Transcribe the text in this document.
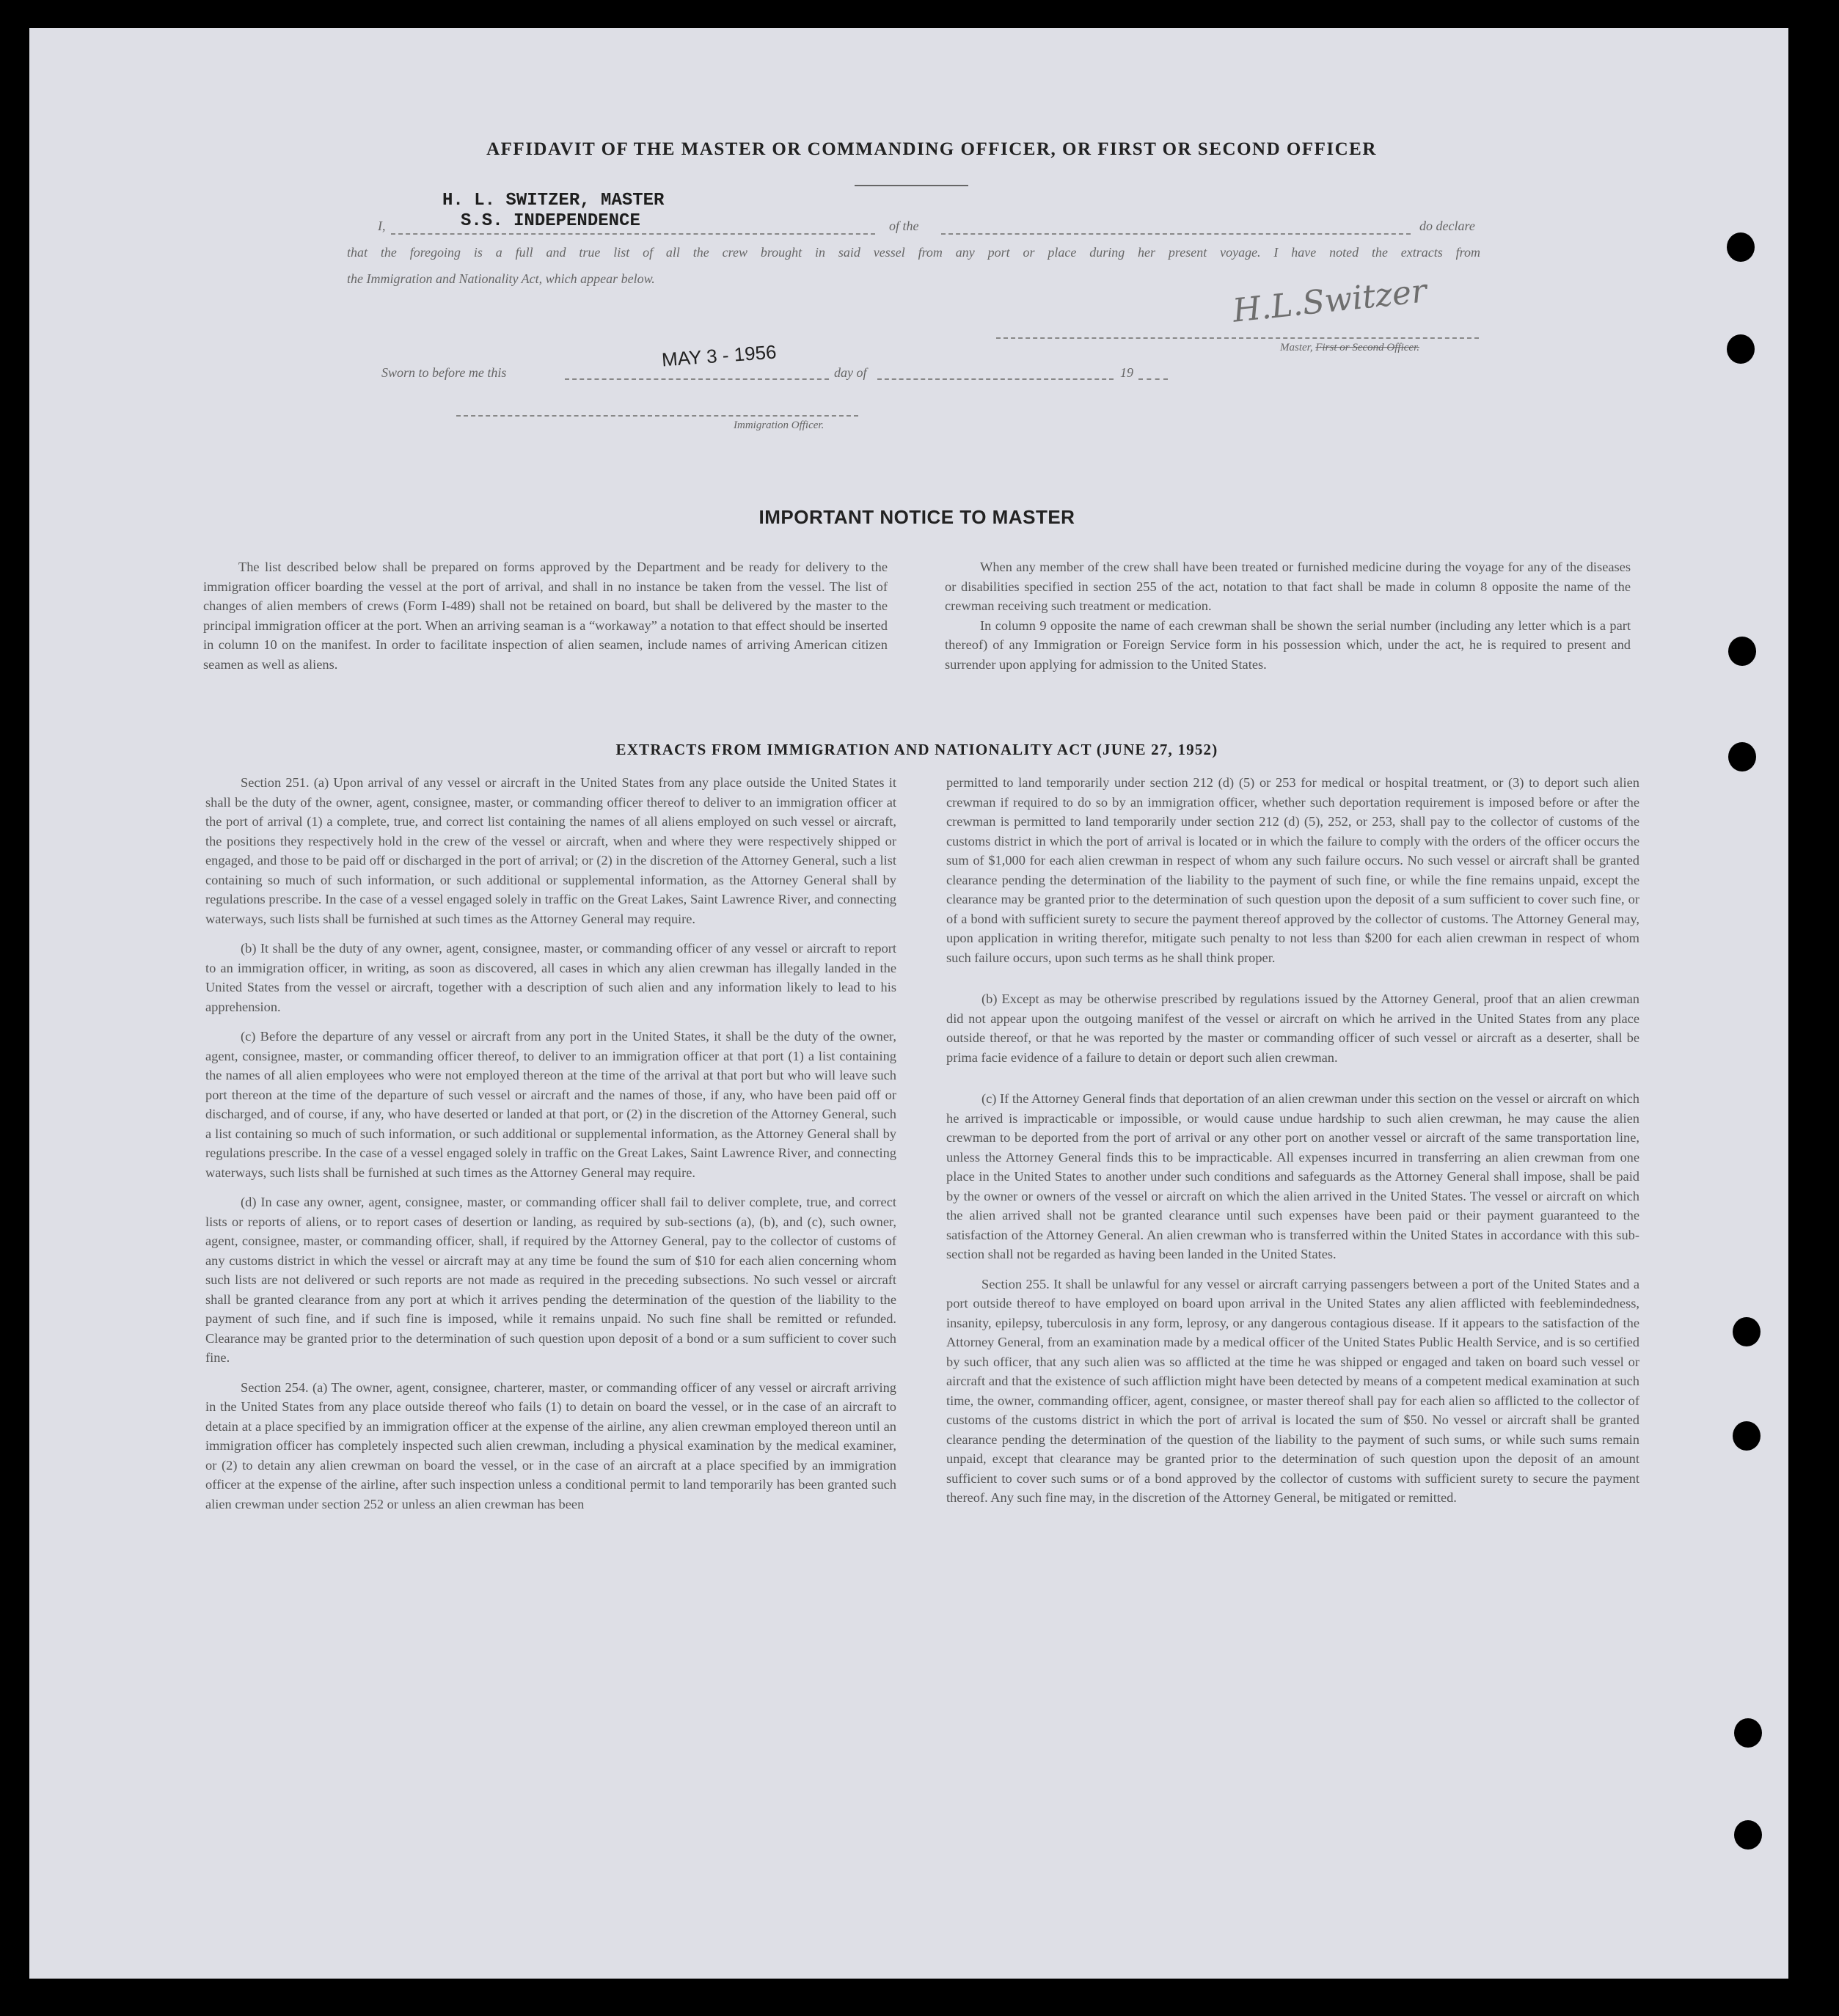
AFFIDAVIT OF THE MASTER OR COMMANDING OFFICER, OR FIRST OR SECOND OFFICER
H. L. SWITZER, MASTER
I,	S.S. INDEPENDENCE	of the	do declare
that the foregoing is a full and true list of all the crew brought in said vessel from any port or place during her present voyage. I have noted the extracts from
the Immigration and Nationality Act, which appear below.	H.L.Switzer
Master, First or Second Officer.
Sworn to before me this
MAY 3 - 1956
day of	19
Immigration Officer.
IMPORTANT NOTICE TO MASTER

The list described below shall be prepared on forms approved by the Department and be ready for delivery to the immigration officer boarding the vessel at the port of arrival, and shall in no instance be taken from the vessel. The list of changes of alien members of crews (Form I-489) shall not be retained on board, but shall be delivered by the master to the principal immigration officer at the port. When an arriving seaman is a “workaway” a notation to that effect should be inserted in column 10 on the manifest. In order to facilitate inspection of alien seamen, include names of arriving American citizen seamen as well as aliens.

When any member of the crew shall have been treated or furnished medicine during the voyage for any of the diseases or disabilities specified in section 255 of the act, notation to that fact shall be made in column 8 opposite the name of the crewman receiving such treatment or medication.

In column 9 opposite the name of each crewman shall be shown the serial number (including any letter which is a part thereof) of any Immigration or Foreign Service form in his possession which, under the act, he is required to present and surrender upon applying for admission to the United States.

EXTRACTS FROM IMMIGRATION AND NATIONALITY ACT (JUNE 27, 1952)

Section 251. (a) Upon arrival of any vessel or aircraft in the United States from any place outside the United States it shall be the duty of the owner, agent, consignee, master, or commanding officer thereof to deliver to an immigration officer at the port of arrival (1) a complete, true, and correct list containing the names of all aliens employed on such vessel or aircraft, the positions they respectively hold in the crew of the vessel or aircraft, when and where they were respectively shipped or engaged, and those to be paid off or discharged in the port of arrival; or (2) in the discretion of the Attorney General, such a list containing so much of such information, or such additional or supplemental information, as the Attorney General shall by regulations prescribe. In the case of a vessel engaged solely in traffic on the Great Lakes, Saint Lawrence River, and connecting waterways, such lists shall be furnished at such times as the Attorney General may require.

(b) It shall be the duty of any owner, agent, consignee, master, or commanding officer of any vessel or aircraft to report to an immigration officer, in writing, as soon as discovered, all cases in which any alien crewman has illegally landed in the United States from the vessel or aircraft, together with a description of such alien and any information likely to lead to his apprehension.

(c) Before the departure of any vessel or aircraft from any port in the United States, it shall be the duty of the owner, agent, consignee, master, or commanding officer thereof, to deliver to an immigration officer at that port (1) a list containing the names of all alien employees who were not employed thereon at the time of the arrival at that port but who will leave such port thereon at the time of the departure of such vessel or aircraft and the names of those, if any, who have been paid off or discharged, and of course, if any, who have deserted or landed at that port, or (2) in the discretion of the Attorney General, such a list containing so much of such information, or such additional or supplemental information, as the Attorney General shall by regulations prescribe. In the case of a vessel engaged solely in traffic on the Great Lakes, Saint Lawrence River, and connecting waterways, such lists shall be furnished at such times as the Attorney General may require.

(d) In case any owner, agent, consignee, master, or commanding officer shall fail to deliver complete, true, and correct lists or reports of aliens, or to report cases of desertion or landing, as required by sub-sections (a), (b), and (c), such owner, agent, consignee, master, or commanding officer, shall, if required by the Attorney General, pay to the collector of customs of any customs district in which the vessel or aircraft may at any time be found the sum of $10 for each alien concerning whom such lists are not delivered or such reports are not made as required in the preceding subsections. No such vessel or aircraft shall be granted clearance from any port at which it arrives pending the determination of the question of the liability to the payment of such fine, and if such fine is imposed, while it remains unpaid. No such fine shall be remitted or refunded. Clearance may be granted prior to the determination of such question upon deposit of a bond or a sum sufficient to cover such fine.

Section 254. (a) The owner, agent, consignee, charterer, master, or commanding officer of any vessel or aircraft arriving in the United States from any place outside thereof who fails (1) to detain on board the vessel, or in the case of an aircraft to detain at a place specified by an immigration officer at the expense of the airline, any alien crewman employed thereon until an immigration officer has completely inspected such alien crewman, including a physical examination by the medical examiner, or (2) to detain any alien crewman on board the vessel, or in the case of an aircraft at a place specified by an immigration officer at the expense of the airline, after such inspection unless a conditional permit to land temporarily has been granted such alien crewman under section 252 or unless an alien crewman has been

permitted to land temporarily under section 212 (d) (5) or 253 for medical or hospital treatment, or (3) to deport such alien crewman if required to do so by an immigration officer, whether such deportation requirement is imposed before or after the crewman is permitted to land temporarily under section 212 (d) (5), 252, or 253, shall pay to the collector of customs of the customs district in which the port of arrival is located or in which the failure to comply with the orders of the officer occurs the sum of $1,000 for each alien crewman in respect of whom any such failure occurs. No such vessel or aircraft shall be granted clearance pending the determination of the liability to the payment of such fine, or while the fine remains unpaid, except the clearance may be granted prior to the determination of such question upon the deposit of a sum sufficient to cover such fine, or of a bond with sufficient surety to secure the payment thereof approved by the collector of customs. The Attorney General may, upon application in writing therefor, mitigate such penalty to not less than $200 for each alien crewman in respect of whom such failure occurs, upon such terms as he shall think proper.

(b) Except as may be otherwise prescribed by regulations issued by the Attorney General, proof that an alien crewman did not appear upon the outgoing manifest of the vessel or aircraft on which he arrived in the United States from any place outside thereof, or that he was reported by the master or commanding officer of such vessel or aircraft as a deserter, shall be prima facie evidence of a failure to detain or deport such alien crewman.

(c) If the Attorney General finds that deportation of an alien crewman under this section on the vessel or aircraft on which he arrived is impracticable or impossible, or would cause undue hardship to such alien crewman, he may cause the alien crewman to be deported from the port of arrival or any other port on another vessel or aircraft of the same transportation line, unless the Attorney General finds this to be impracticable. All expenses incurred in transferring an alien crewman from one place in the United States to another under such conditions and safeguards as the Attorney General shall impose, shall be paid by the owner or owners of the vessel or aircraft on which the alien arrived in the United States. The vessel or aircraft on which the alien arrived shall not be granted clearance until such expenses have been paid or their payment guaranteed to the satisfaction of the Attorney General. An alien crewman who is transferred within the United States in accordance with this sub-section shall not be regarded as having been landed in the United States.

Section 255. It shall be unlawful for any vessel or aircraft carrying passengers between a port of the United States and a port outside thereof to have employed on board upon arrival in the United States any alien afflicted with feeblemindedness, insanity, epilepsy, tuberculosis in any form, leprosy, or any dangerous contagious disease. If it appears to the satisfaction of the Attorney General, from an examination made by a medical officer of the United States Public Health Service, and is so certified by such officer, that any such alien was so afflicted at the time he was shipped or engaged and taken on board such vessel or aircraft and that the existence of such affliction might have been detected by means of a competent medical examination at such time, the owner, commanding officer, agent, consignee, or master thereof shall pay for each alien so afflicted to the collector of customs of the customs district in which the port of arrival is located the sum of $50. No vessel or aircraft shall be granted clearance pending the determination of the question of the liability to the payment of such sums, or while such sums remain unpaid, except that clearance may be granted prior to the determination of such question upon the deposit of an amount sufficient to cover such sums or of a bond approved by the collector of customs with sufficient surety to secure the payment thereof. Any such fine may, in the discretion of the Attorney General, be mitigated or remitted.
